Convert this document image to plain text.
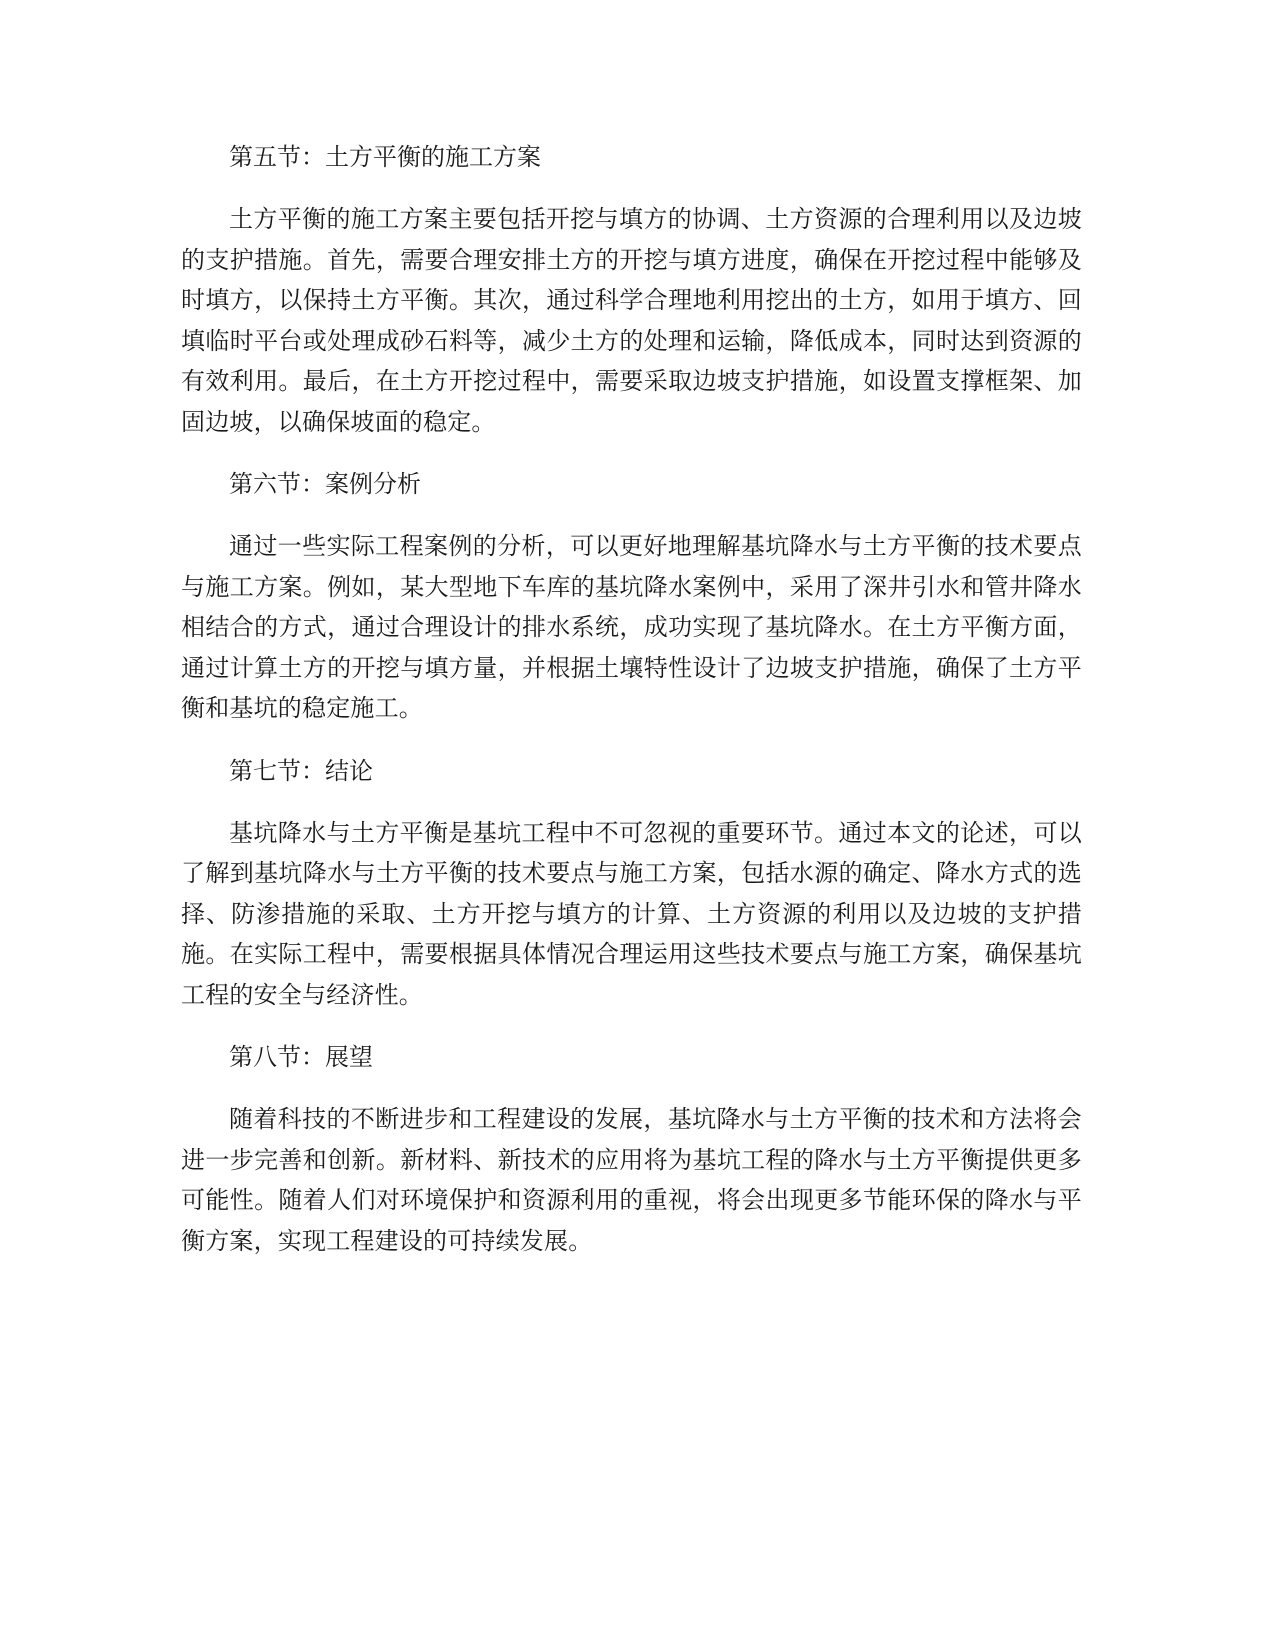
第五节：土方平衡的施工方案

土方平衡的施工方案主要包括开挖与填方的协调、土方资源的合理利用以及边坡的支护措施。首先，需要合理安排土方的开挖与填方进度，确保在开挖过程中能够及时填方，以保持土方平衡。其次，通过科学合理地利用挖出的土方，如用于填方、回填临时平台或处理成砂石料等，减少土方的处理和运输，降低成本，同时达到资源的有效利用。最后，在土方开挖过程中，需要采取边坡支护措施，如设置支撑框架、加固边坡，以确保坡面的稳定。

第六节：案例分析

通过一些实际工程案例的分析，可以更好地理解基坑降水与土方平衡的技术要点与施工方案。例如，某大型地下车库的基坑降水案例中，采用了深井引水和管井降水相结合的方式，通过合理设计的排水系统，成功实现了基坑降水。在土方平衡方面，通过计算土方的开挖与填方量，并根据土壤特性设计了边坡支护措施，确保了土方平衡和基坑的稳定施工。

第七节：结论

基坑降水与土方平衡是基坑工程中不可忽视的重要环节。通过本文的论述，可以了解到基坑降水与土方平衡的技术要点与施工方案，包括水源的确定、降水方式的选择、防渗措施的采取、土方开挖与填方的计算、土方资源的利用以及边坡的支护措施。在实际工程中，需要根据具体情况合理运用这些技术要点与施工方案，确保基坑工程的安全与经济性。

第八节：展望

随着科技的不断进步和工程建设的发展，基坑降水与土方平衡的技术和方法将会进一步完善和创新。新材料、新技术的应用将为基坑工程的降水与土方平衡提供更多可能性。随着人们对环境保护和资源利用的重视，将会出现更多节能环保的降水与平衡方案，实现工程建设的可持续发展。
